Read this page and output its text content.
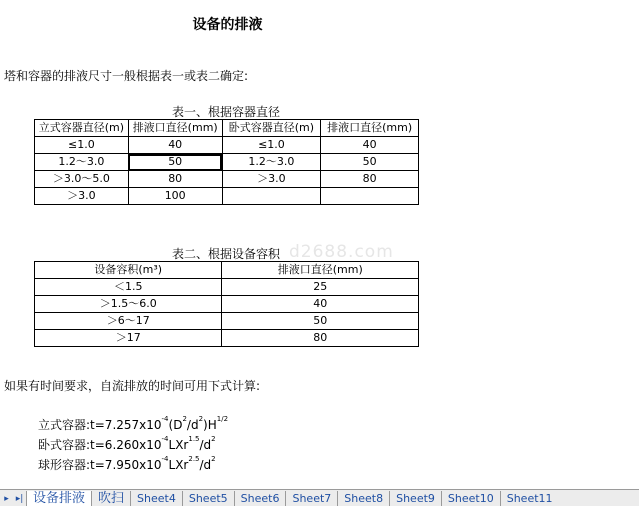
设备的排液
d2688.com
塔和容器的排液尺寸一般根据表一或表二确定:
表一、根据容器直径
立式容器直径(m)	排液口直径(mm)	卧式容器直径(m)	排液口直径(mm)
≤1.0	40	≤1.0	40
1.2～3.0	50	1.2～3.0	50
＞3.0～5.0	80	＞3.0	80
＞3.0	100		
表二、根据设备容积
设备容积(m³)	排液口直径(mm)
＜1.5	25
＞1.5～6.0	40
＞6～17	50
＞17	80
如果有时间要求，自流排放的时间可用下式计算:
立式容器$:t=7.257x10^{-4}(D^2/d^2)H^{1/2}$
卧式容器$:t=6.260x10^{-4}LXr^{1.5}/d^2$
球形容器$:t=7.950x10^{-4}LXr^{2.5}/d^2$
▸ ▸| 设备排液	吹扫	Sheet4	Sheet5	Sheet6	Sheet7	Sheet8	Sheet9	Sheet10	Sheet11
